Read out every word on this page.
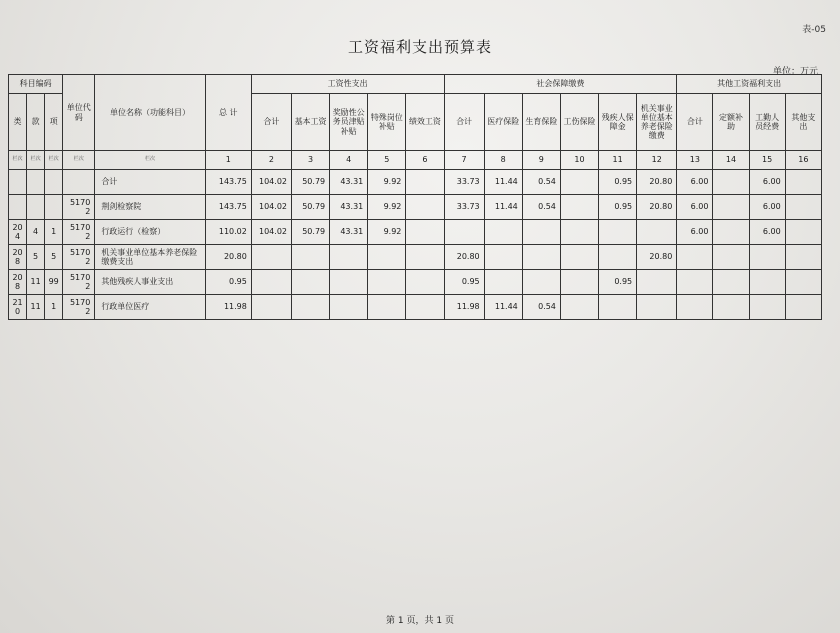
表-05
工资福利支出预算表
单位：万元
科目编码			单位代码	单位名称（功能科目）	总 计	工资性支出					社会保障缴费						其他工资福利支出			
类	款	项				合计	基本工资	奖励性公务员津贴补贴	特殊岗位补贴	绩效工资	合计	医疗保险	生育保险	工伤保险	残疾人保障金	机关事业单位基本养老保险缴费	合计	定额补助	工勤人员经费	其他支出
栏次	栏次	栏次	栏次	栏次	1	2	3	4	5	6	7	8	9	10	11	12	13	14	15	16
				合计	143.75	104.02	50.79	43.31	9.92		33.73	11.44	0.54		0.95	20.80	6.00		6.00	
			51702	荆剑检察院	143.75	104.02	50.79	43.31	9.92		33.73	11.44	0.54		0.95	20.80	6.00		6.00	
204	4	1	51702	行政运行（检察）	110.02	104.02	50.79	43.31	9.92								6.00		6.00	
208	5	5	51702	机关事业单位基本养老保险缴费支出	20.80						20.80					20.80				
208	11	99	51702	其他残疾人事业支出	0.95						0.95				0.95					
210	11	1	51702	行政单位医疗	11.98						11.98	11.44	0.54							
第 1 页，共 1 页
